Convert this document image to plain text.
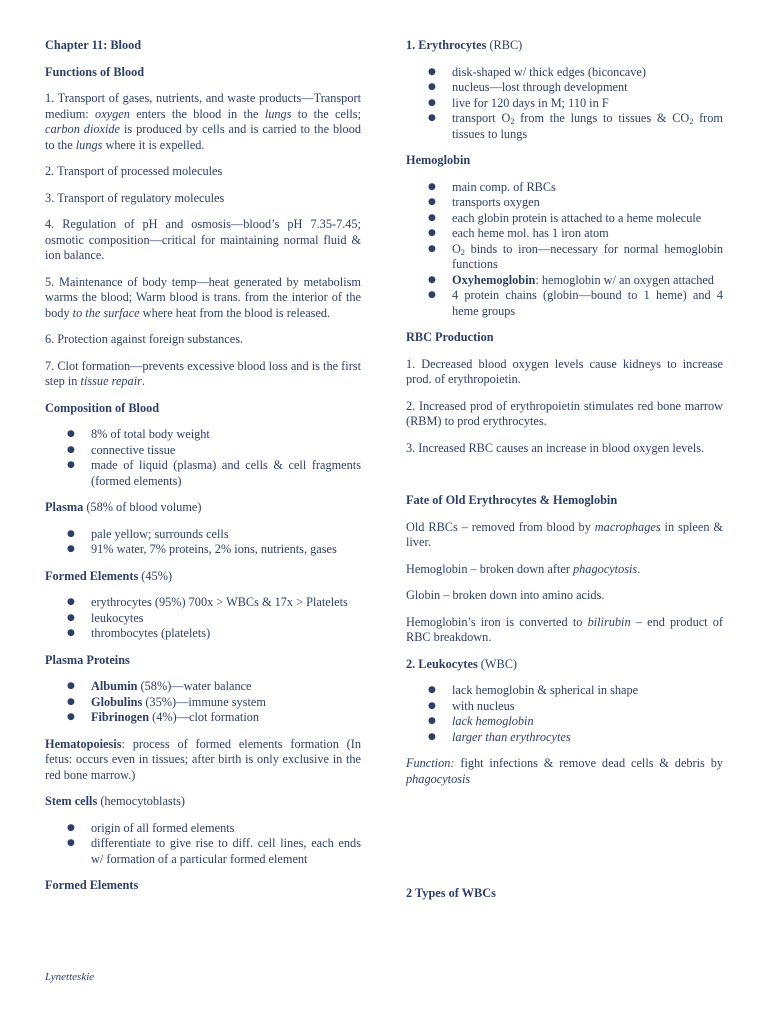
Chapter 11: Blood
Functions of Blood
1. Transport of gases, nutrients, and waste products—Transport medium: oxygen enters the blood in the lungs to the cells; carbon dioxide is produced by cells and is carried to the blood to the lungs where it is expelled.
2. Transport of processed molecules
3. Transport of regulatory molecules
4. Regulation of pH and osmosis—blood’s pH 7.35-7.45; osmotic composition—critical for maintaining normal fluid & ion balance.
5. Maintenance of body temp—heat generated by metabolism warms the blood; Warm blood is trans. from the interior of the body to the surface where heat from the blood is released.
6. Protection against foreign substances.
7. Clot formation—prevents excessive blood loss and is the first step in tissue repair.
Composition of Blood
● 8% of total body weight
● connective tissue
● made of liquid (plasma) and cells & cell fragments (formed elements)
Plasma (58% of blood volume)
● pale yellow; surrounds cells
● 91% water, 7% proteins, 2% ions, nutrients, gases
Formed Elements (45%)
● erythrocytes (95%) 700x > WBCs & 17x > Platelets
● leukocytes
● thrombocytes (platelets)
Plasma Proteins
● Albumin (58%)—water balance
● Globulins (35%)—immune system
● Fibrinogen (4%)—clot formation
Hematopoiesis: process of formed elements formation (In fetus: occurs even in tissues; after birth is only exclusive in the red bone marrow.)
Stem cells (hemocytoblasts)
● origin of all formed elements
● differentiate to give rise to diff. cell lines, each ends w/ formation of a particular formed element
Formed Elements
Lynetteskie
1. Erythrocytes (RBC)
● disk-shaped w/ thick edges (biconcave)
● nucleus—lost through development
● live for 120 days in M; 110 in F
● transport $O_2$ from the lungs to tissues & $CO_2$ from tissues to lungs
Hemoglobin
● main comp. of RBCs
● transports oxygen
● each globin protein is attached to a heme molecule
● each heme mol. has 1 iron atom
● $O_2$ binds to iron—necessary for normal hemoglobin functions
● Oxyhemoglobin: hemoglobin w/ an oxygen attached
● 4 protein chains (globin—bound to 1 heme) and 4 heme groups
RBC Production
1. Decreased blood oxygen levels cause kidneys to increase prod. of erythropoietin.
2. Increased prod of erythropoietin stimulates red bone marrow (RBM) to prod erythrocytes.
3. Increased RBC causes an increase in blood oxygen levels.
Fate of Old Erythrocytes & Hemoglobin
Old RBCs – removed from blood by macrophages in spleen & liver.
Hemoglobin – broken down after phagocytosis.
Globin – broken down into amino acids.
Hemoglobin’s iron is converted to bilirubin – end product of RBC breakdown.
2. Leukocytes (WBC)
● lack hemoglobin & spherical in shape
● with nucleus
● lack hemoglobin
● larger than erythrocytes
Function: fight infections & remove dead cells & debris by phagocytosis
2 Types of WBCs
